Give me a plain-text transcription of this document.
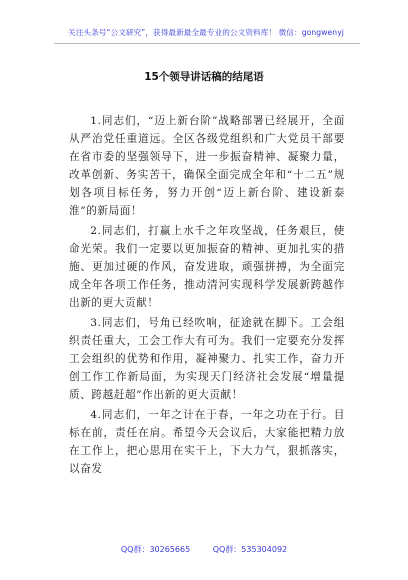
关注头条号“公文研究”，获得最新最全最专业的公文资料库！ 微信：gongwenyj
15个领导讲话稿的结尾语

1.同志们，“迈上新台阶”战略部署已经展开，全面从严治党任重道远。全区各级党组织和广大党员干部要在省市委的坚强领导下，进一步振奋精神、凝聚力量，改革创新、务实苦干，确保全面完成全年和“十二五”规划各项目标任务，努力开创“迈上新台阶、建设新泰淮”的新局面！

2.同志们，打赢上水千之年攻坚战，任务艰巨，使命光荣。我们一定要以更加振奋的精神、更加扎实的措施、更加过硬的作风，奋发进取，顽强拼搏，为全面完成全年各项工作任务，推动清河实现科学发展新跨越作出新的更大贡献！

3.同志们，号角已经吹响，征途就在脚下。工会组织责任重大，工会工作大有可为。我们一定要充分发挥工会组织的优势和作用，凝神聚力、扎实工作，奋力开创工作工作新局面，为实现天门经济社会发展“增量提质、跨越赶超”作出新的更大贡献！

4.同志们，一年之计在于春，一年之功在于行。目标在前，责任在肩。希望今天会议后，大家能把精力放在工作上，把心思用在实干上，下大力气，狠抓落实，以奋发

QQ群：30265665	QQ群：535304092
